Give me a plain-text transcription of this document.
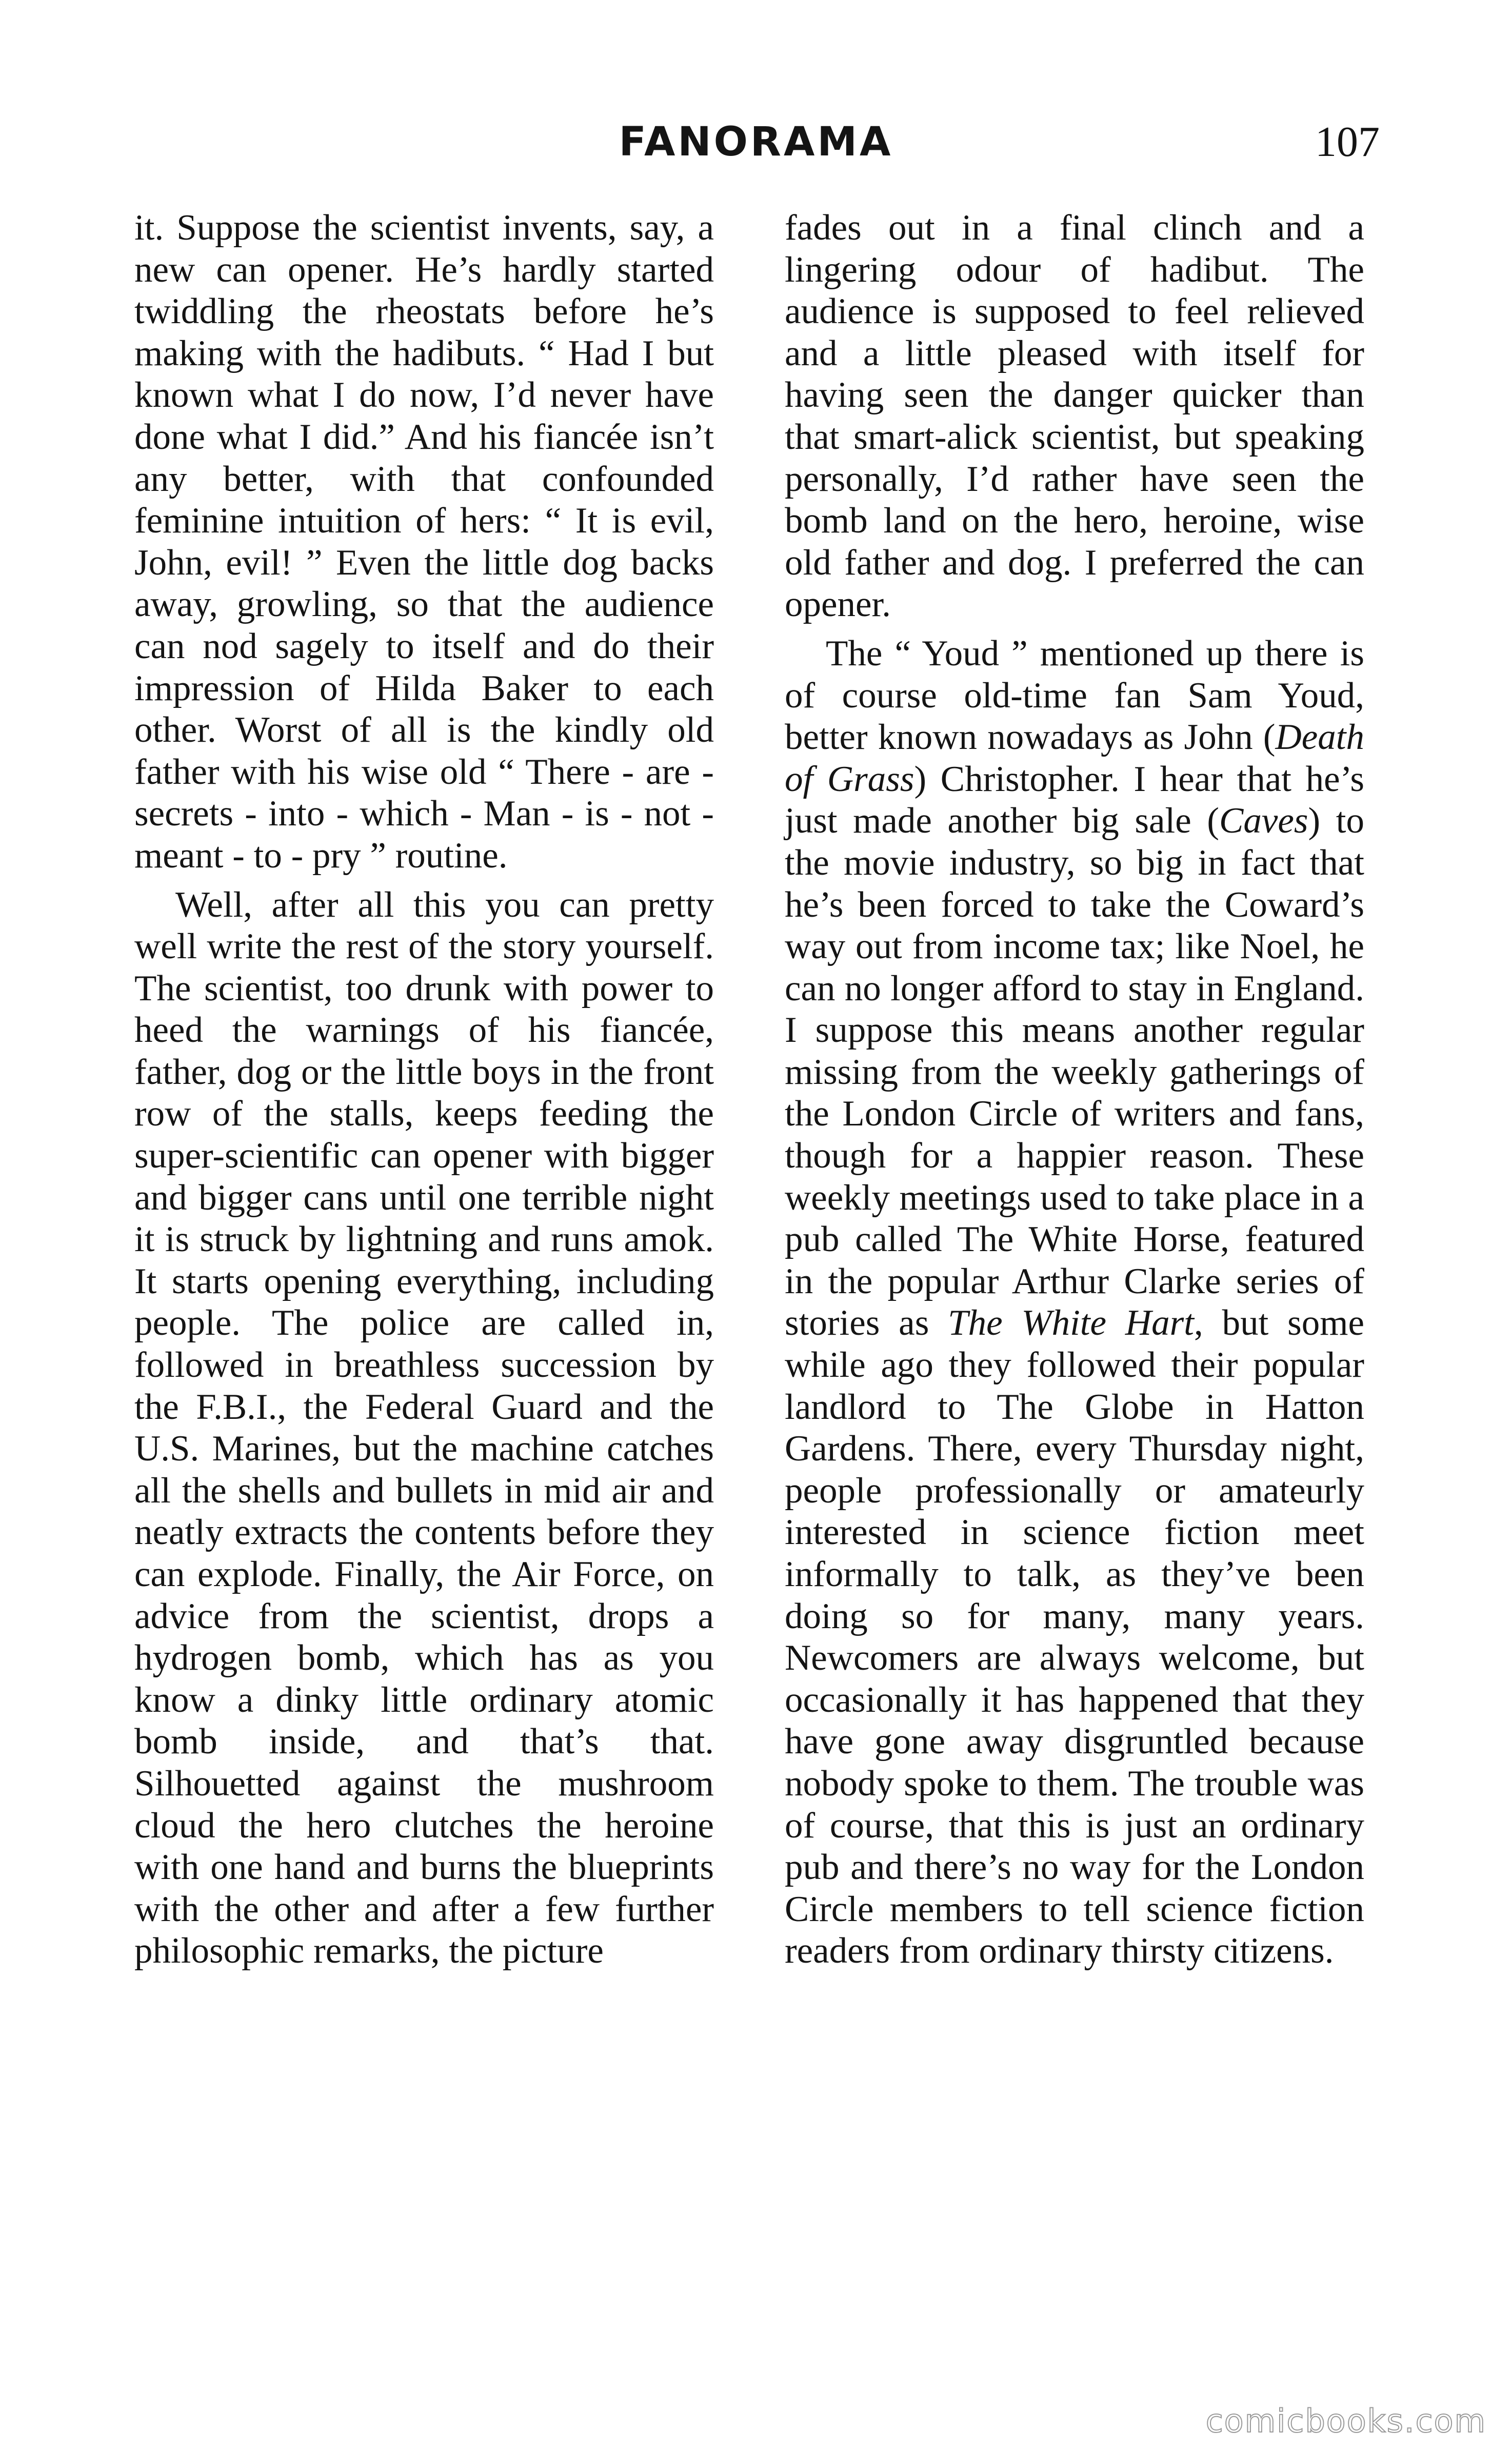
FANORAMA	107

it. Suppose the scientist invents, say, a new can opener. He’s hardly started twiddling the rheostats before he’s making with the hadibuts. “ Had I but known what I do now, I’d never have done what I did.” And his fiancée isn’t any better, with that confounded feminine intuition of hers: “ It is evil, John, evil! ” Even the little dog backs away, growling, so that the audience can nod sagely to itself and do their impression of Hilda Baker to each other. Worst of all is the kindly old father with his wise old “ There - are - secrets - into - which - Man - is - not - meant - to - pry ” routine.

Well, after all this you can pretty well write the rest of the story yourself. The scientist, too drunk with power to heed the warnings of his fiancée, father, dog or the little boys in the front row of the stalls, keeps feeding the super-scientific can opener with bigger and bigger cans until one terrible night it is struck by lightning and runs amok. It starts opening everything, including people. The police are called in, followed in breathless succession by the F.B.I., the Federal Guard and the U.S. Marines, but the machine catches all the shells and bullets in mid air and neatly extracts the contents before they can explode. Finally, the Air Force, on advice from the scientist, drops a hydrogen bomb, which has as you know a dinky little ordinary atomic bomb inside, and that’s that. Silhouetted against the mushroom cloud the hero clutches the heroine with one hand and burns the blueprints with the other and after a few further philosophic remarks, the picture

fades out in a final clinch and a lingering odour of hadibut. The audience is supposed to feel relieved and a little pleased with itself for having seen the danger quicker than that smart-alick scientist, but speaking personally, I’d rather have seen the bomb land on the hero, heroine, wise old father and dog. I preferred the can opener.

The “ Youd ” mentioned up there is of course old-time fan Sam Youd, better known nowadays as John (Death of Grass) Christopher. I hear that he’s just made another big sale (Caves) to the movie industry, so big in fact that he’s been forced to take the Coward’s way out from income tax; like Noel, he can no longer afford to stay in England. I suppose this means another regular missing from the weekly gatherings of the London Circle of writers and fans, though for a happier reason. These weekly meetings used to take place in a pub called The White Horse, featured in the popular Arthur Clarke series of stories as The White Hart, but some while ago they followed their popular landlord to The Globe in Hatton Gardens. There, every Thursday night, people professionally or amateurly interested in science fiction meet informally to talk, as they’ve been doing so for many, many years. Newcomers are always welcome, but occasionally it has happened that they have gone away disgruntled because nobody spoke to them. The trouble was of course, that this is just an ordinary pub and there’s no way for the London Circle members to tell science fiction readers from ordinary thirsty citizens.

comicbooks.com
